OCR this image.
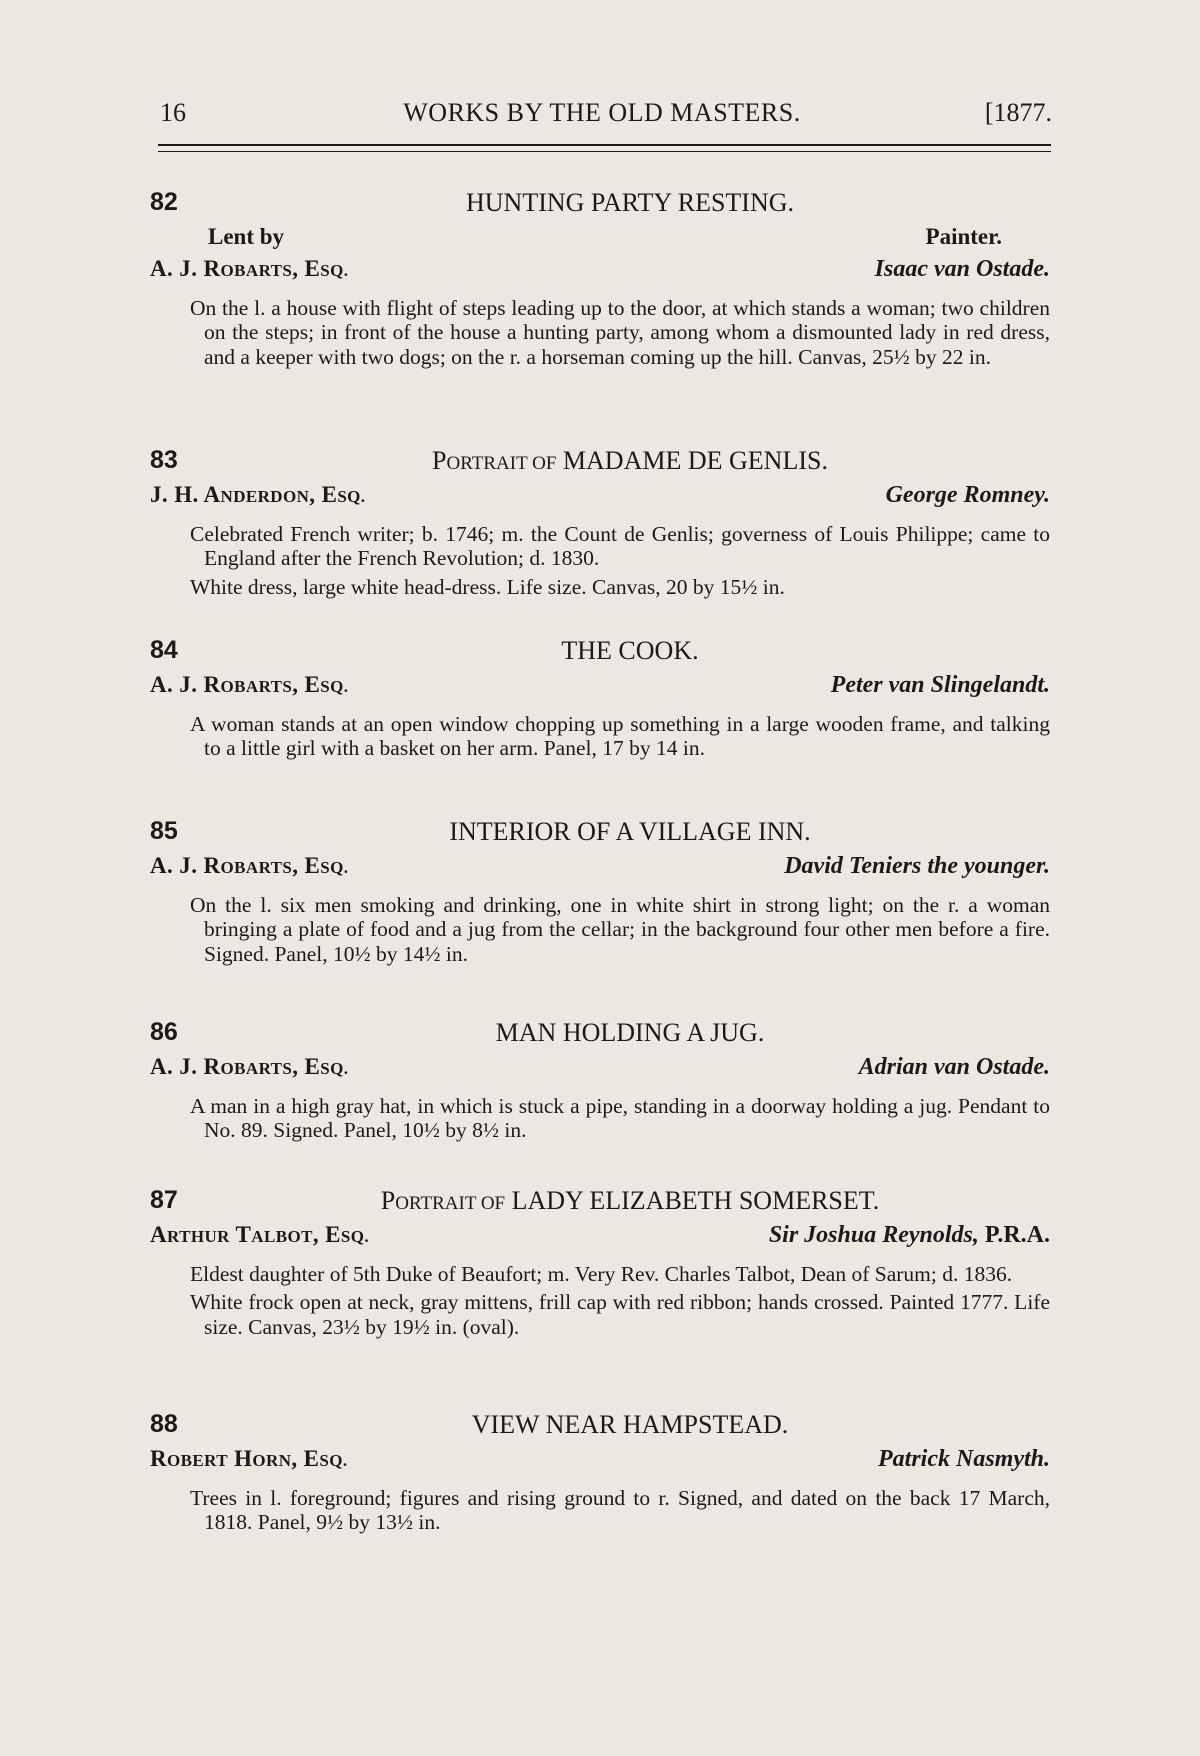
16	WORKS BY THE OLD MASTERS.	[1877.
82	HUNTING PARTY RESTING.
Lent by	Painter.
A. J. ROBARTS, ESQ.	Isaac van Ostade.

On the l. a house with flight of steps leading up to the door, at which stands a woman; two children on the steps; in front of the house a hunting party, among whom a dismounted lady in red dress, and a keeper with two dogs; on the r. a horseman coming up the hill. Canvas, 25½ by 22 in.

83	PORTRAIT OF MADAME DE GENLIS.
J. H. ANDERDON, ESQ.	George Romney.

Celebrated French writer; b. 1746; m. the Count de Genlis; governess of Louis Philippe; came to England after the French Revolution; d. 1830.

White dress, large white head-dress. Life size. Canvas, 20 by 15½ in.

84	THE COOK.
A. J. ROBARTS, ESQ.	Peter van Slingelandt.

A woman stands at an open window chopping up something in a large wooden frame, and talking to a little girl with a basket on her arm. Panel, 17 by 14 in.

85	INTERIOR OF A VILLAGE INN.
A. J. ROBARTS, ESQ.	David Teniers the younger.

On the l. six men smoking and drinking, one in white shirt in strong light; on the r. a woman bringing a plate of food and a jug from the cellar; in the background four other men before a fire. Signed. Panel, 10½ by 14½ in.

86	MAN HOLDING A JUG.
A. J. ROBARTS, ESQ.	Adrian van Ostade.

A man in a high gray hat, in which is stuck a pipe, standing in a doorway holding a jug. Pendant to No. 89. Signed. Panel, 10½ by 8½ in.

87	PORTRAIT OF LADY ELIZABETH SOMERSET.
ARTHUR TALBOT, ESQ.	Sir Joshua Reynolds, P.R.A.

Eldest daughter of 5th Duke of Beaufort; m. Very Rev. Charles Talbot, Dean of Sarum; d. 1836.

White frock open at neck, gray mittens, frill cap with red ribbon; hands crossed. Painted 1777. Life size. Canvas, 23½ by 19½ in. (oval).

88	VIEW NEAR HAMPSTEAD.
ROBERT HORN, ESQ.	Patrick Nasmyth.

Trees in l. foreground; figures and rising ground to r. Signed, and dated on the back 17 March, 1818. Panel, 9½ by 13½ in.
